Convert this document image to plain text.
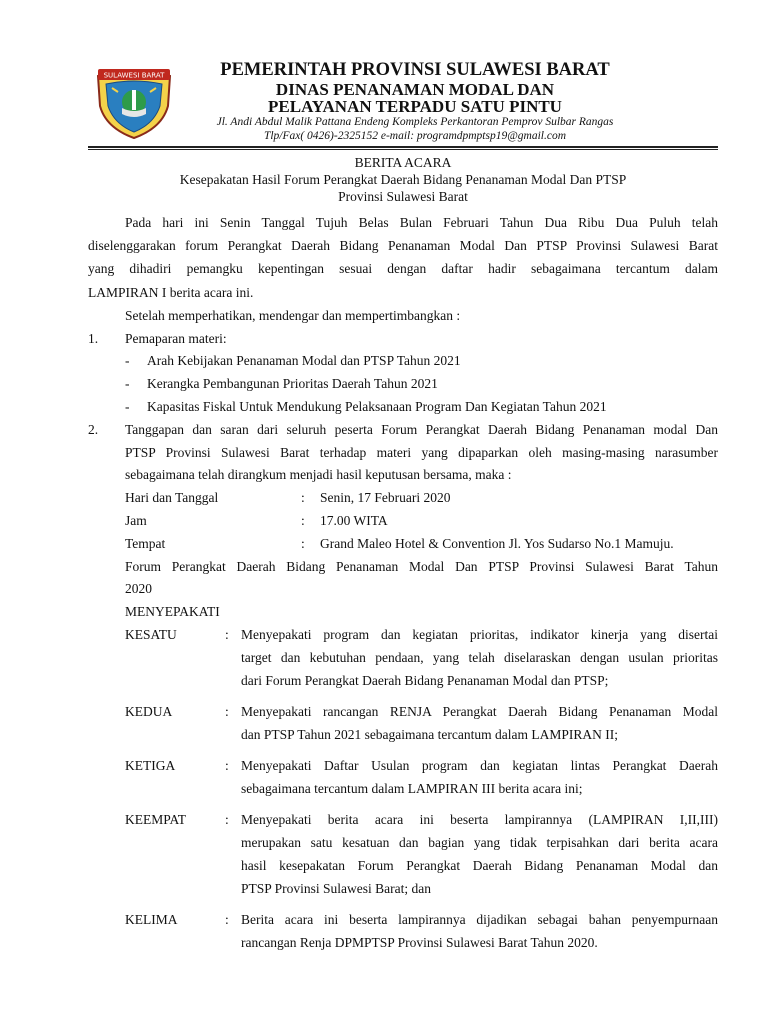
SULAWESI BARAT	PEMERINTAH PROVINSI SULAWESI BARAT
DINAS PENANAMAN MODAL DAN
PELAYANAN TERPADU SATU PINTU
Jl. Andi Abdul Malik Pattana Endeng Kompleks Perkantoran Pemprov Sulbar Rangas
Tlp/Fax( 0426)-2325152 e-mail: programdpmptsp19@gmail.com
BERITA ACARA
Kesepakatan Hasil Forum Perangkat Daerah Bidang Penanaman Modal Dan PTSP
Provinsi Sulawesi Barat
Pada hari ini Senin Tanggal Tujuh Belas Bulan Februari Tahun Dua Ribu Dua Puluh telah
diselenggarakan forum Perangkat Daerah Bidang Penanaman Modal Dan PTSP Provinsi Sulawesi Barat
yang dihadiri pemangku kepentingan sesuai dengan daftar hadir sebagaimana tercantum dalam
LAMPIRAN I berita acara ini.
Setelah memperhatikan, mendengar dan mempertimbangkan :
1. Pemaparan materi:
- Arah Kebijakan Penanaman Modal dan PTSP Tahun 2021
- Kerangka Pembangunan Prioritas Daerah Tahun 2021
- Kapasitas Fiskal Untuk Mendukung Pelaksanaan Program Dan Kegiatan Tahun 2021
2. Tanggapan dan saran dari seluruh peserta Forum Perangkat Daerah Bidang Penanaman modal Dan
PTSP Provinsi Sulawesi Barat terhadap materi yang dipaparkan oleh masing-masing narasumber
sebagaimana telah dirangkum menjadi hasil keputusan bersama, maka :
Hari dan Tanggal	: Senin, 17 Februari 2020
Jam	: 17.00 WITA
Tempat	: Grand Maleo Hotel & Convention Jl. Yos Sudarso No.1 Mamuju.
Forum Perangkat Daerah Bidang Penanaman Modal Dan PTSP Provinsi Sulawesi Barat Tahun
2020
MENYEPAKATI
KESATU	: Menyepakati program dan kegiatan prioritas, indikator kinerja yang disertai
target dan kebutuhan pendaan, yang telah diselaraskan dengan usulan prioritas
dari Forum Perangkat Daerah Bidang Penanaman Modal dan PTSP;
KEDUA	: Menyepakati rancangan RENJA Perangkat Daerah Bidang Penanaman Modal
dan PTSP Tahun 2021 sebagaimana tercantum dalam LAMPIRAN II;
KETIGA	: Menyepakati Daftar Usulan program dan kegiatan lintas Perangkat Daerah
sebagaimana tercantum dalam LAMPIRAN III berita acara ini;
KEEMPAT	: Menyepakati berita acara ini beserta lampirannya (LAMPIRAN I,II,III)
merupakan satu kesatuan dan bagian yang tidak terpisahkan dari berita acara
hasil kesepakatan Forum Perangkat Daerah Bidang Penanaman Modal dan
PTSP Provinsi Sulawesi Barat; dan
KELIMA	: Berita acara ini beserta lampirannya dijadikan sebagai bahan penyempurnaan
rancangan Renja DPMPTSP Provinsi Sulawesi Barat Tahun 2020.
